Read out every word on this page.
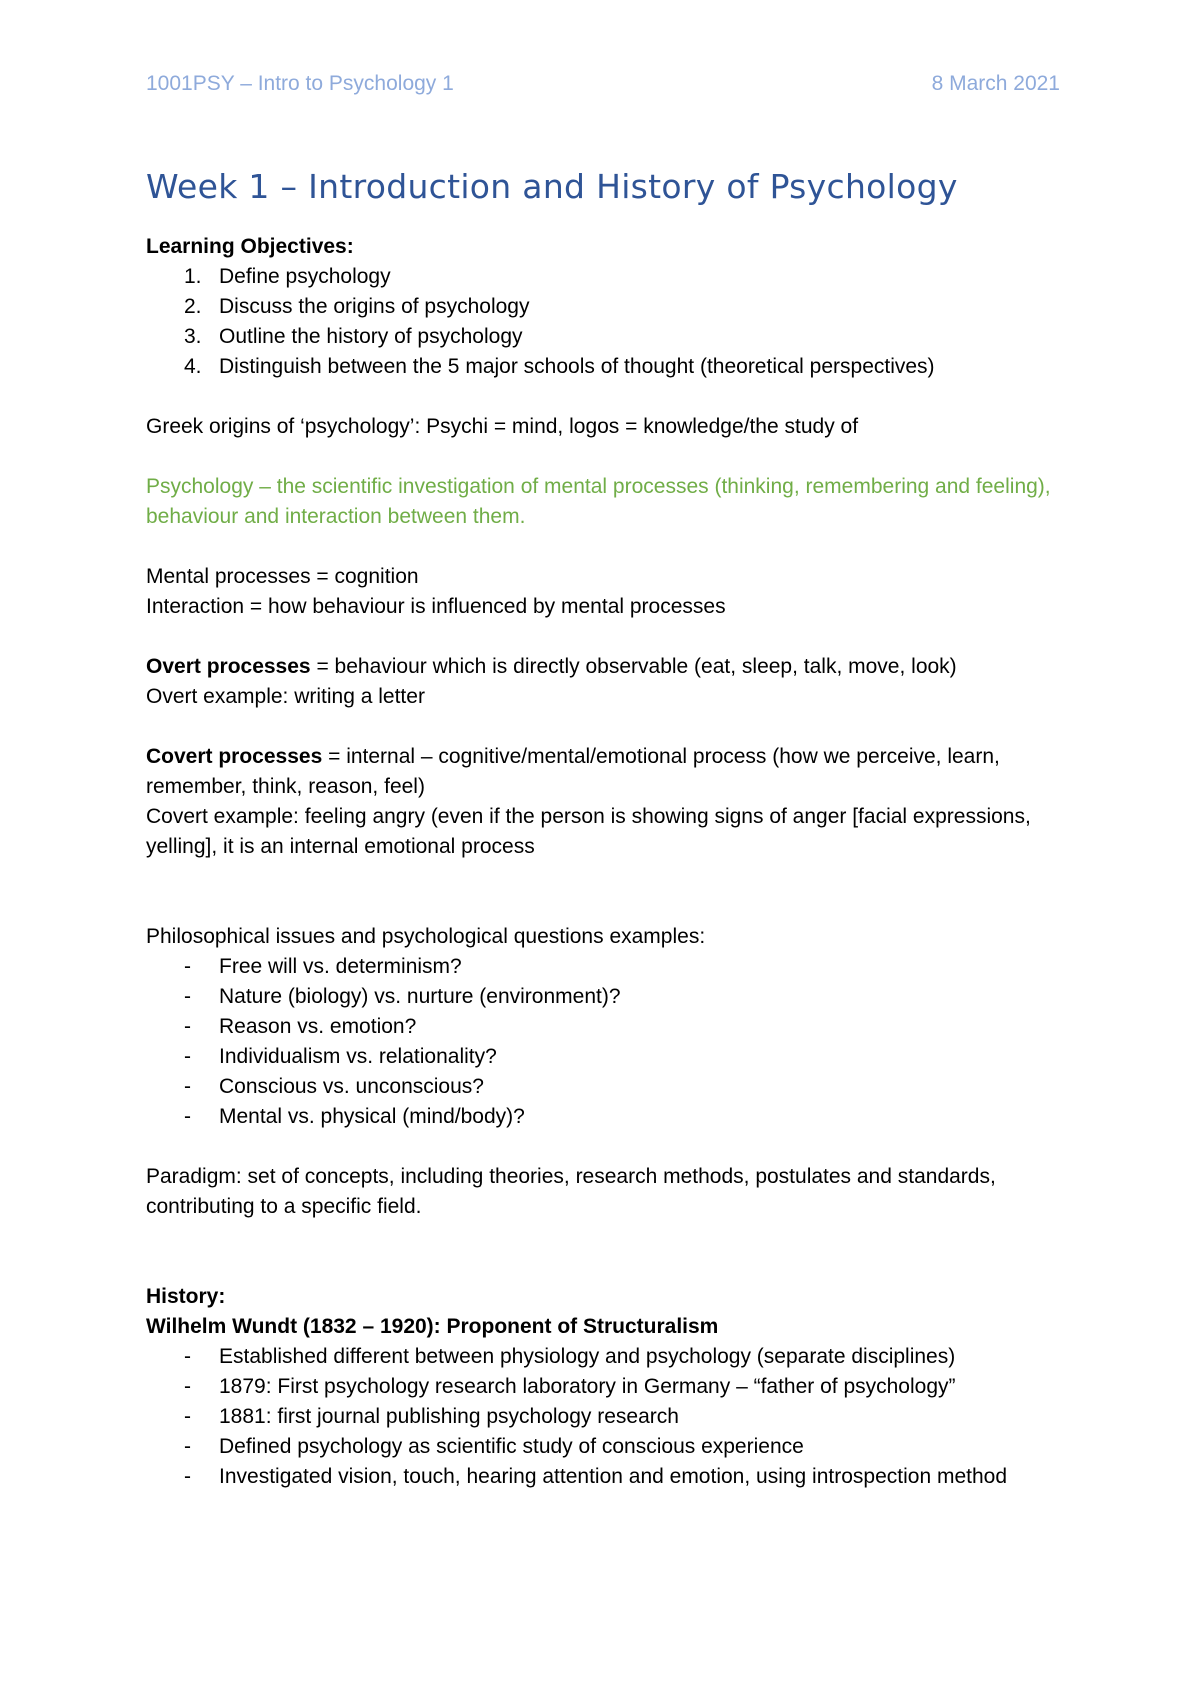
1001PSY – Intro to Psychology 1	8 March 2021
Week 1 – Introduction and History of Psychology

Learning Objectives:

1. Define psychology
2. Discuss the origins of psychology
3. Outline the history of psychology
4. Distinguish between the 5 major schools of thought (theoretical perspectives)

Greek origins of ‘psychology’: Psychi = mind, logos = knowledge/the study of

Psychology – the scientific investigation of mental processes (thinking, remembering and feeling), behaviour and interaction between them.

Mental processes = cognition

Interaction = how behaviour is influenced by mental processes

Overt processes = behaviour which is directly observable (eat, sleep, talk, move, look)

Overt example: writing a letter

Covert processes = internal – cognitive/mental/emotional process (how we perceive, learn, remember, think, reason, feel)

Covert example: feeling angry (even if the person is showing signs of anger [facial expressions, yelling], it is an internal emotional process

Philosophical issues and psychological questions examples:

- Free will vs. determinism?
- Nature (biology) vs. nurture (environment)?
- Reason vs. emotion?
- Individualism vs. relationality?
- Conscious vs. unconscious?
- Mental vs. physical (mind/body)?

Paradigm: set of concepts, including theories, research methods, postulates and standards, contributing to a specific field.

History:

Wilhelm Wundt (1832 – 1920): Proponent of Structuralism

- Established different between physiology and psychology (separate disciplines)
- 1879: First psychology research laboratory in Germany – “father of psychology”
- 1881: first journal publishing psychology research
- Defined psychology as scientific study of conscious experience
- Investigated vision, touch, hearing attention and emotion, using introspection method
